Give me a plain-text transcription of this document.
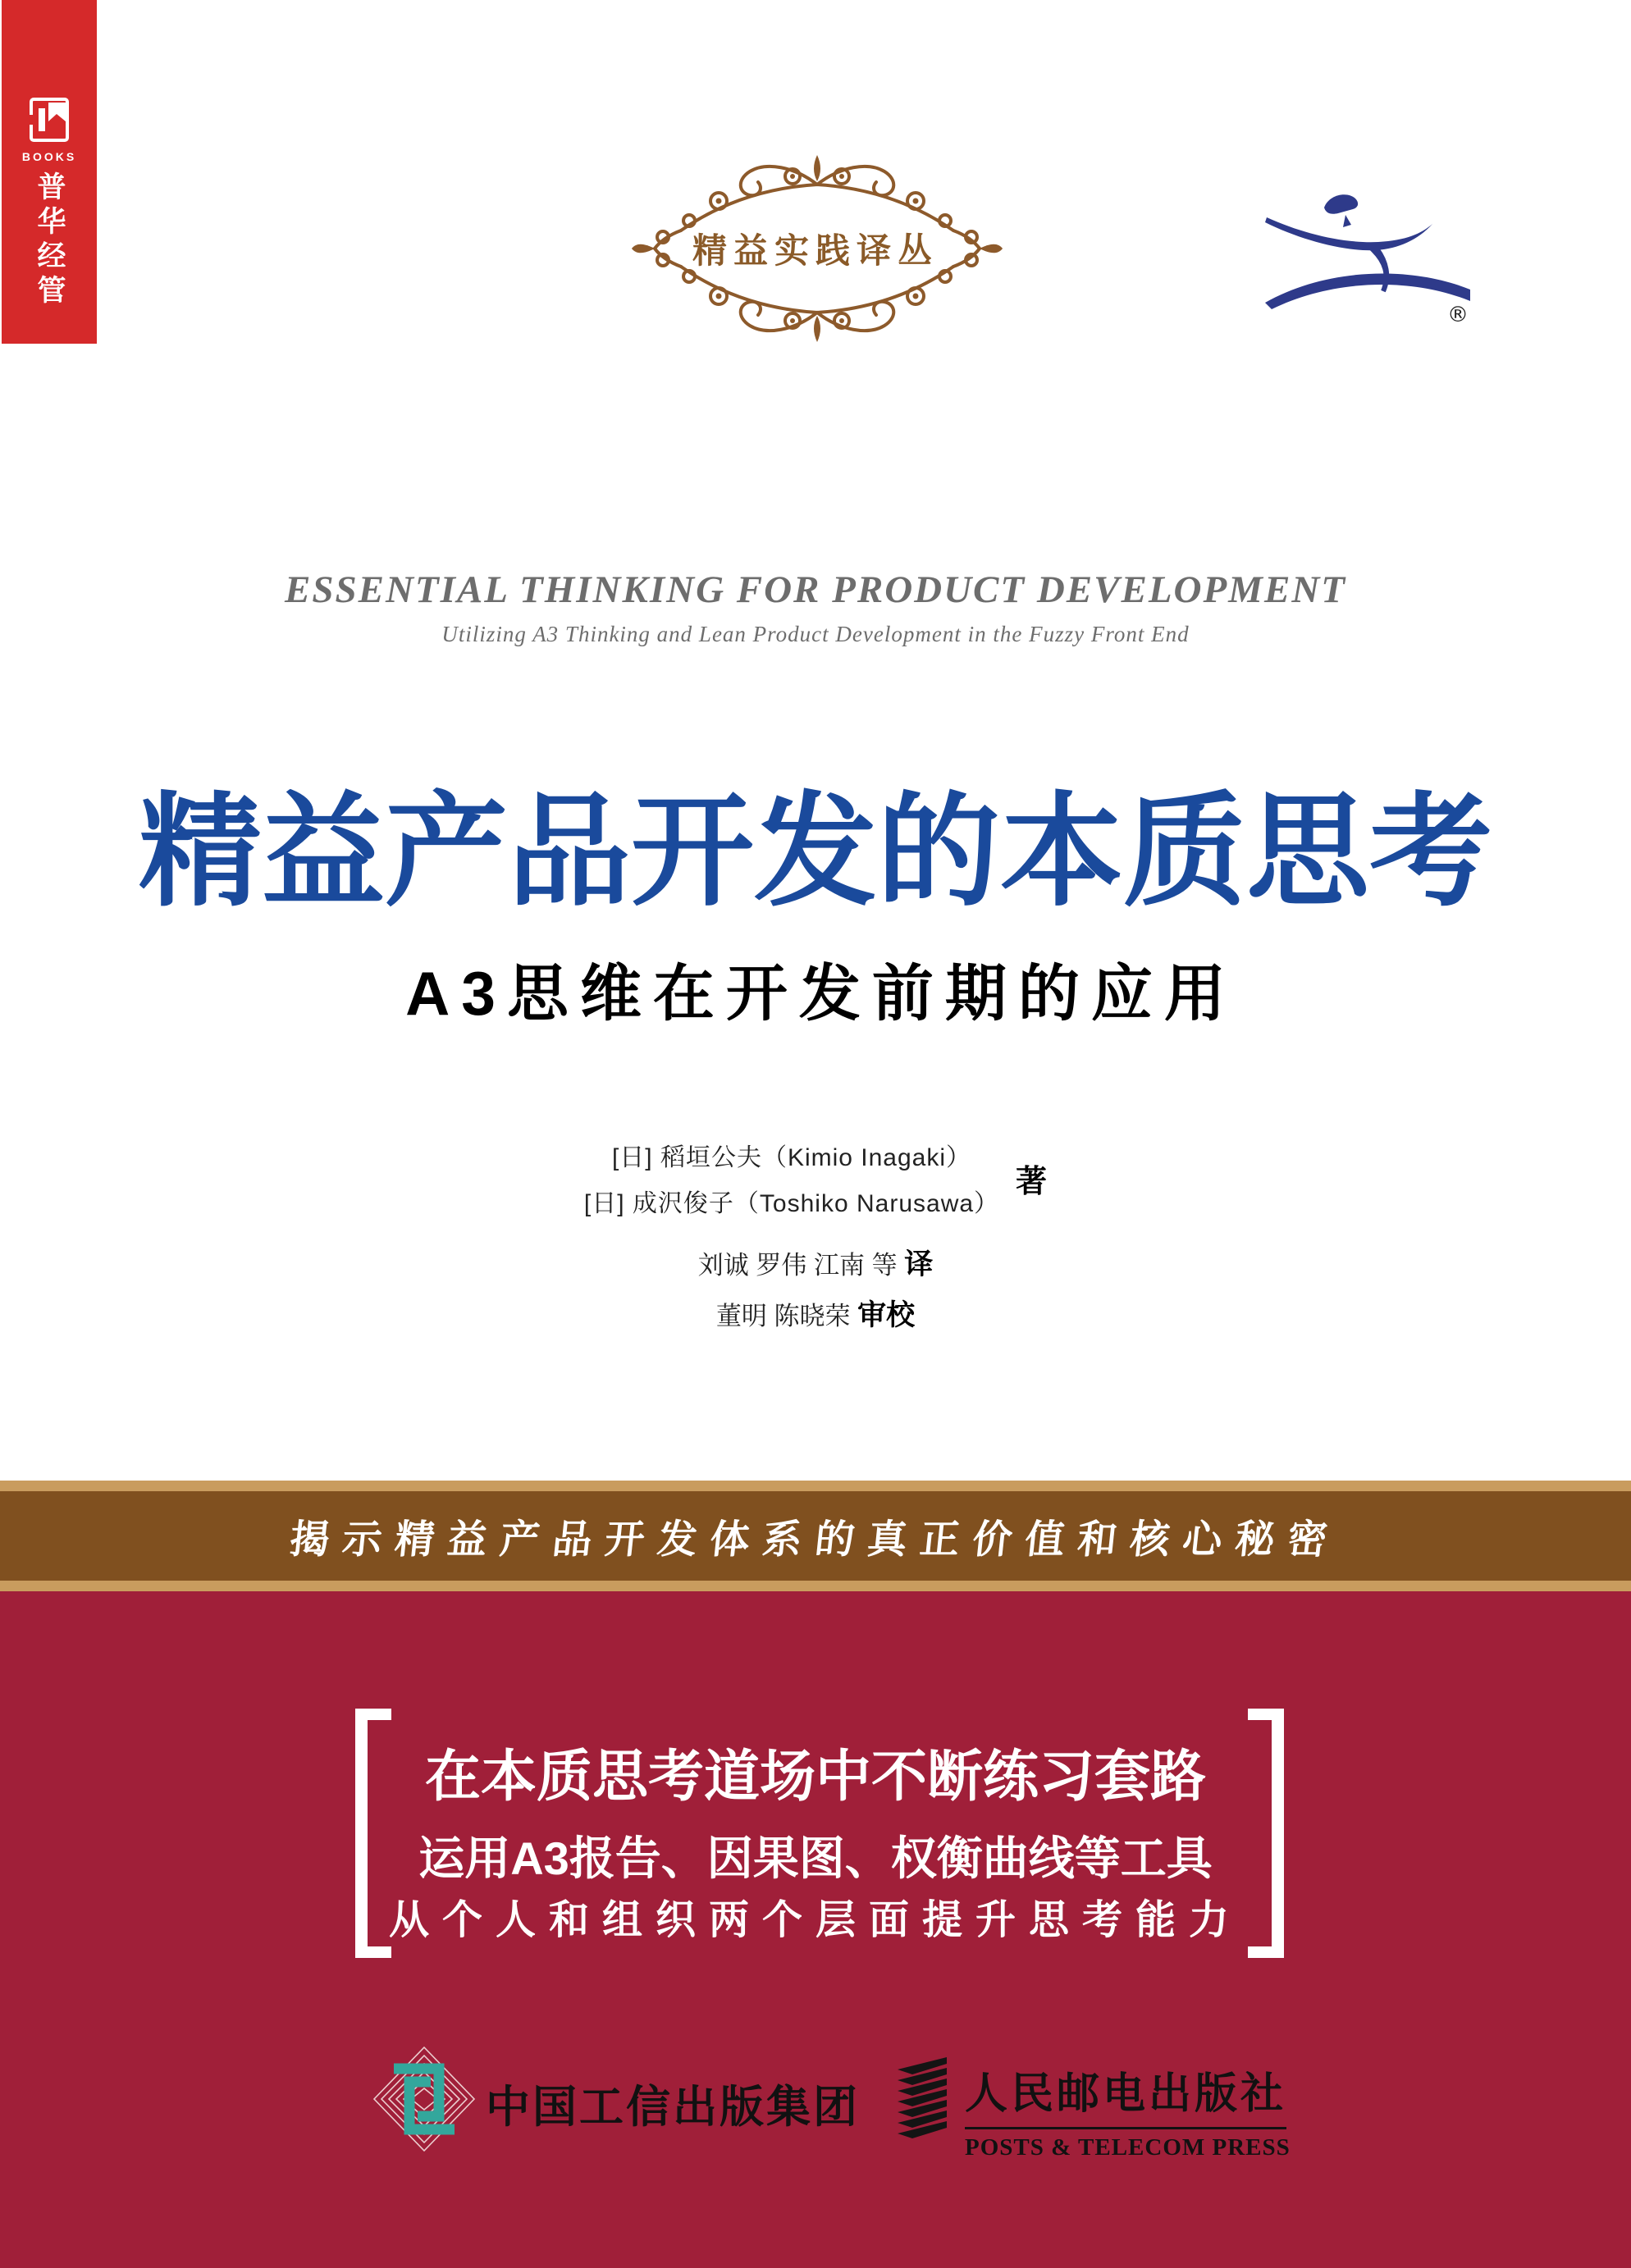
BOOKS
普华经管	精益实践译丛
®
ESSENTIAL THINKING FOR PRODUCT DEVELOPMENT
Utilizing A3 Thinking and Lean Product Development in the Fuzzy Front End
精益产品开发的本质思考
A3思维在开发前期的应用
[日] 稻垣公夫（Kimio Inagaki）
[日] 成沢俊子（Toshiko Narusawa）
著
刘诚 罗伟 江南 等 译
董明 陈晓荣 审校
揭示精益产品开发体系的真正价值和核心秘密
在本质思考道场中不断练习套路
运用A3报告、因果图、权衡曲线等工具
从个人和组织两个层面提升思考能力
中国工信出版集团 人民邮电出版社
POSTS & TELECOM PRESS
